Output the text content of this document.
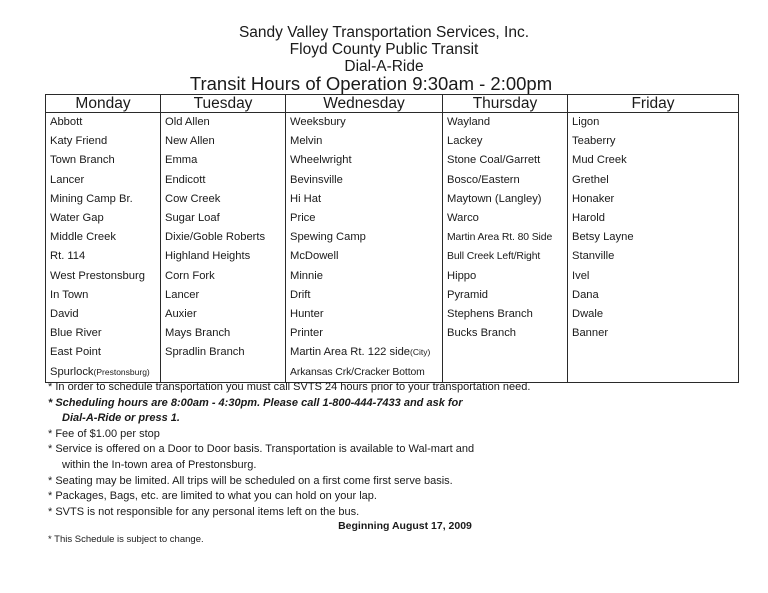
Sandy Valley Transportation Services, Inc.
Floyd County Public Transit
Dial-A-Ride
Transit Hours of Operation 9:30am - 2:00pm
Monday	Tuesday	Wednesday	Thursday	Friday
Abbott	Old Allen	Weeksbury	Wayland	Ligon
Katy Friend	New Allen	Melvin	Lackey	Teaberry
Town Branch	Emma	Wheelwright	Stone Coal/Garrett	Mud Creek
Lancer	Endicott	Bevinsville	Bosco/Eastern	Grethel
Mining Camp Br.	Cow Creek	Hi Hat	Maytown (Langley)	Honaker
Water Gap	Sugar Loaf	Price	Warco	Harold
Middle Creek	Dixie/Goble Roberts	Spewing Camp	Martin Area Rt. 80 Side	Betsy Layne
Rt. 114	Highland Heights	McDowell	Bull Creek Left/Right	Stanville
West Prestonsburg	Corn Fork	Minnie	Hippo	Ivel
In Town	Lancer	Drift	Pyramid	Dana
David	Auxier	Hunter	Stephens Branch	Dwale
Blue River	Mays Branch	Printer	Bucks Branch	Banner
East Point	Spradlin Branch	Martin Area Rt. 122 side(City)		
Spurlock(Prestonsburg)		Arkansas Crk/Cracker Bottom		
* In order to schedule transportation you must call SVTS 24 hours prior to your transportation need.
* Scheduling hours are 8:00am - 4:30pm. Please call 1-800-444-7433 and ask for
Dial-A-Ride or press 1.
* Fee of $1.00 per stop
* Service is offered on a Door to Door basis. Transportation is available to Wal-mart and
within the In-town area of Prestonsburg.
* Seating may be limited. All trips will be scheduled on a first come first serve basis.
* Packages, Bags, etc. are limited to what you can hold on your lap.
* SVTS is not responsible for any personal items left on the bus.
Beginning August 17, 2009
* This Schedule is subject to change.
